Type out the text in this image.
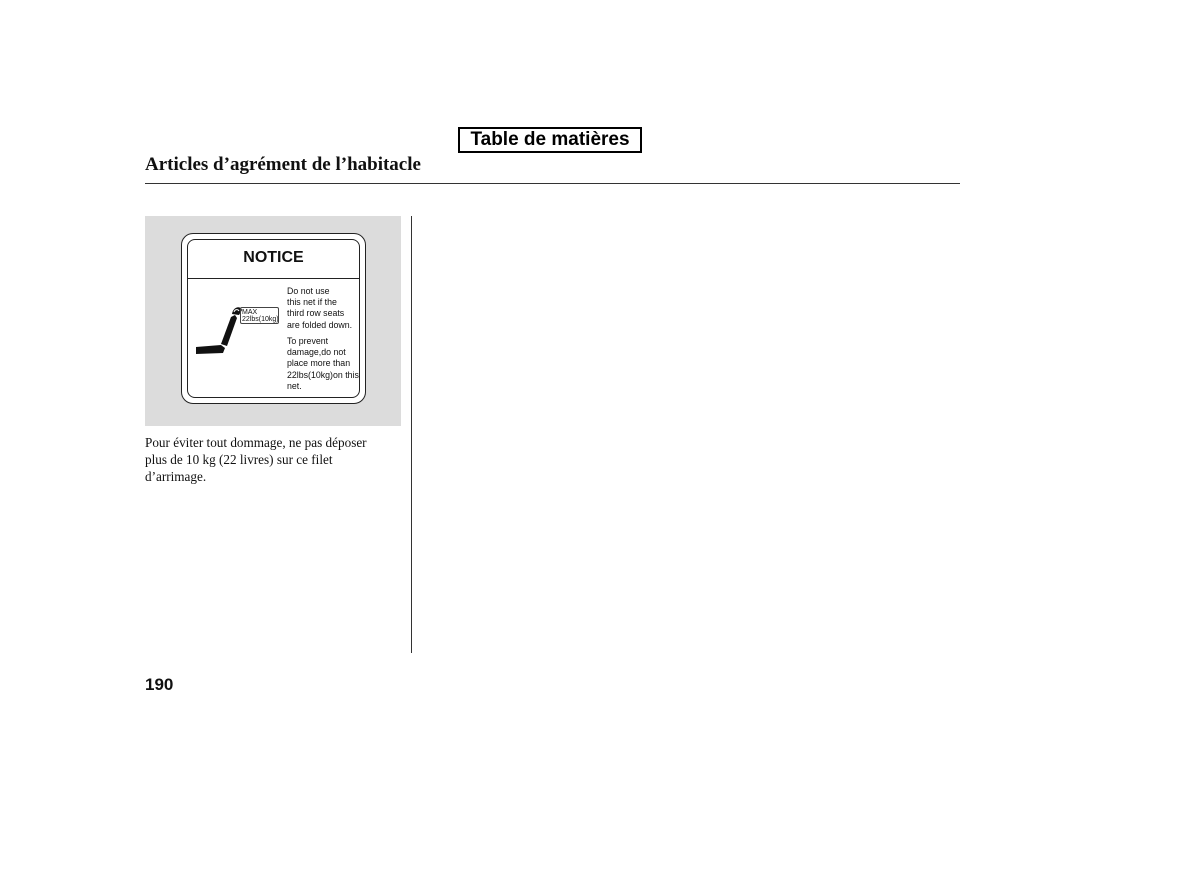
Table de matières
Articles d’agrément de l’habitacle
NOTICE
MAX
22lbs(10kg)
Do not use
this net if the
third row seats
are folded down.
To prevent
damage,do not
place more than
22lbs(10kg)on this
net.
Pour éviter tout dommage, ne pas déposer
plus de 10 kg (22 livres) sur ce filet
d’arrimage.
190
